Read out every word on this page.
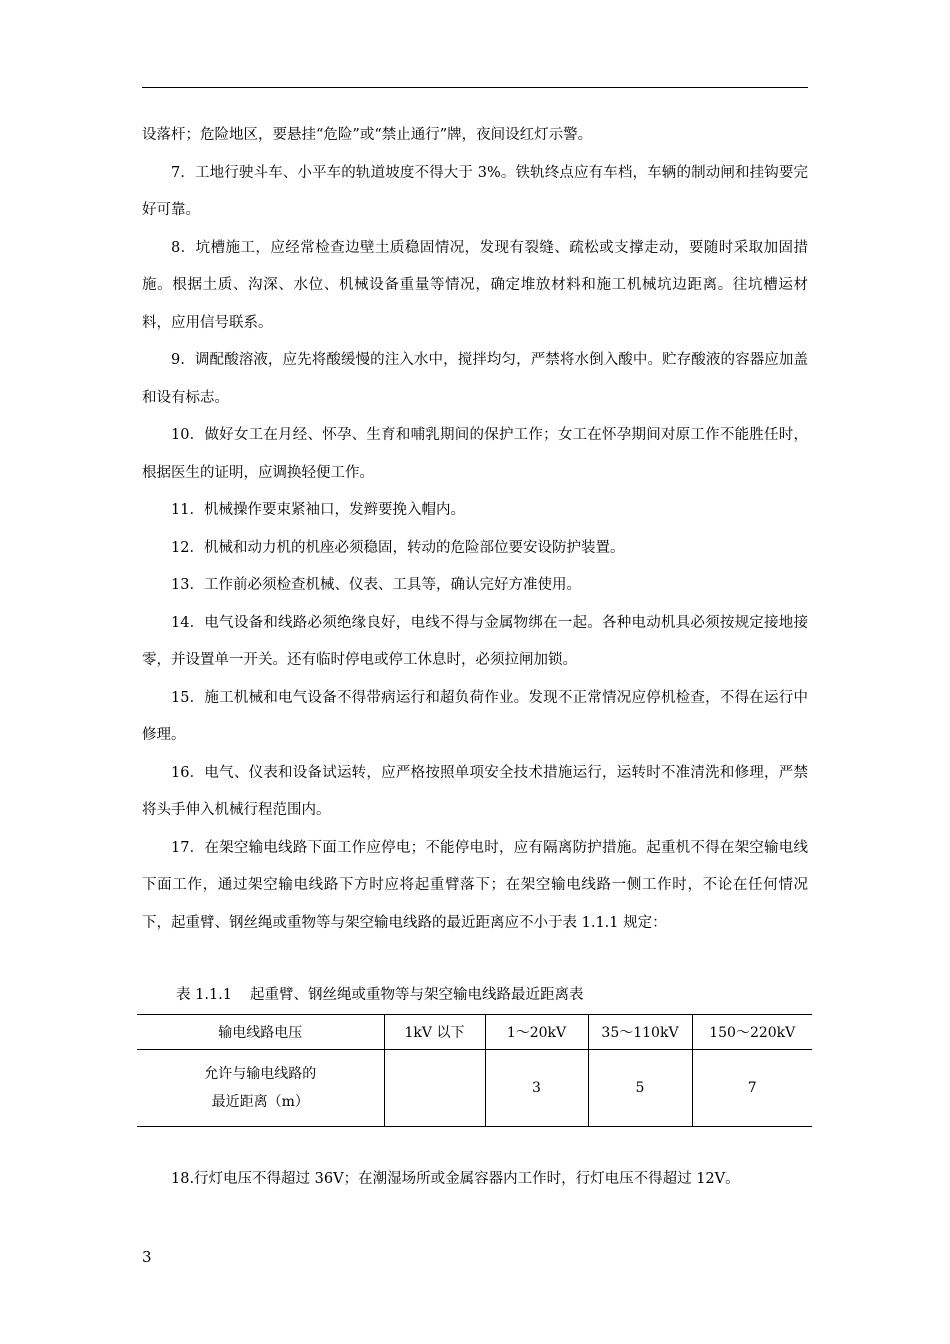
设落杆；危险地区，要悬挂“危险”或“禁止通行”牌，夜间设红灯示警。

7．工地行驶斗车、小平车的轨道坡度不得大于 3%。铁轨终点应有车档，车辆的制动闸和挂钩要完好可靠。

8．坑槽施工，应经常检查边壁土质稳固情况，发现有裂缝、疏松或支撑走动，要随时采取加固措施。根据土质、沟深、水位、机械设备重量等情况，确定堆放材料和施工机械坑边距离。往坑槽运材料，应用信号联系。

9．调配酸溶液，应先将酸缓慢的注入水中，搅拌均匀，严禁将水倒入酸中。贮存酸液的容器应加盖和设有标志。

10．做好女工在月经、怀孕、生育和哺乳期间的保护工作；女工在怀孕期间对原工作不能胜任时，根据医生的证明，应调换轻便工作。

11．机械操作要束紧袖口，发辫要挽入帽内。

12．机械和动力机的机座必须稳固，转动的危险部位要安设防护装置。

13．工作前必须检查机械、仪表、工具等，确认完好方准使用。

14．电气设备和线路必须绝缘良好，电线不得与金属物绑在一起。各种电动机具必须按规定接地接零，并设置单一开关。还有临时停电或停工休息时，必须拉闸加锁。

15．施工机械和电气设备不得带病运行和超负荷作业。发现不正常情况应停机检查，不得在运行中修理。

16．电气、仪表和设备试运转，应严格按照单项安全技术措施运行，运转时不准清洗和修理，严禁将头手伸入机械行程范围内。

17．在架空输电线路下面工作应停电；不能停电时，应有隔离防护措施。起重机不得在架空输电线下面工作，通过架空输电线路下方时应将起重臂落下；在架空输电线路一侧工作时，不论在任何情况下，起重臂、钢丝绳或重物等与架空输电线路的最近距离应不小于表 1.1.1 规定：

表 1.1.1 起重臂、钢丝绳或重物等与架空输电线路最近距离表
输电线路电压	1kV 以下	1～20kV	35～110kV	150～220kV

允许与输电线路的
最近距离（m）		3	5	7
18.行灯电压不得超过 36V；在潮湿场所或金属容器内工作时，行灯电压不得超过 12V。
3
